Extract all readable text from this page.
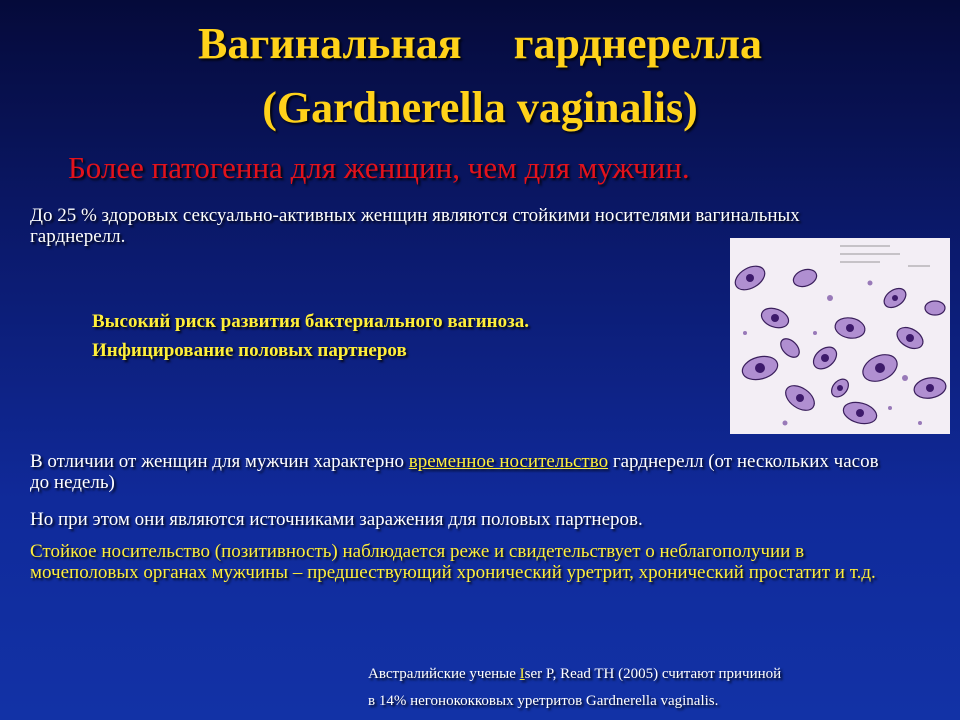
Вагинальная гарднерелла
(Gardnerella vaginalis)
Более патогенна для женщин, чем для мужчин.
До 25 % здоровых сексуально-активных женщин являются стойкими носителями вагинальных гарднерелл.
Высокий риск развития бактериального вагиноза.
Инфицирование половых партнеров
В отличии от женщин для мужчин характерно временное носительство гарднерелл (от нескольких часов до недель)
Но при этом они являются источниками заражения для половых партнеров.
Стойкое носительство (позитивность) наблюдается реже и свидетельствует о неблагополучии в мочеполовых органах мужчины – предшествующий хронический уретрит, хронический простатит и т.д.
Австралийские ученые Iser P, Read TH (2005) считают причиной
в 14% негонококковых уретритов Gardnerella vaginalis.
